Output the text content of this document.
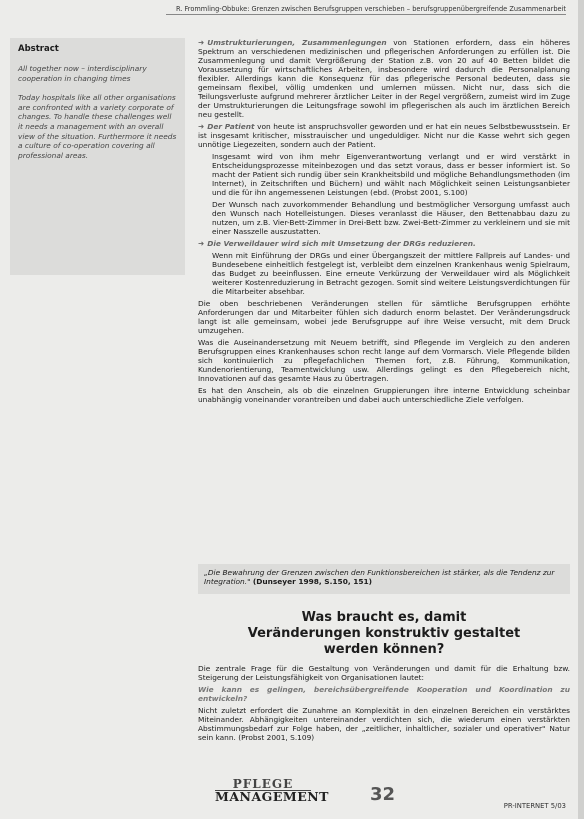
R. Frommling-Obbuke: Grenzen zwischen Berufsgruppen verschieben – berufsgruppenübergreifende Zusammenarbeit
Abstract

All together now – interdisciplinary cooperation in changing times

Today hospitals like all other organisations are confronted with a variety corporate of changes. To handle these challenges well it needs a management with an overall view of the situation. Furthermore it needs a culture of co-operation covering all professional areas.

➜ Umstrukturierungen, Zusammenlegungen von Stationen erfordern, dass ein höheres Spektrum an verschiedenen medizinischen und pflegerischen Anforderungen zu erfüllen ist. Die Zusammenlegung und damit Vergrößerung der Station z.B. von 20 auf 40 Betten bildet die Voraussetzung für wirtschaftliches Arbeiten, insbesondere wird dadurch die Personalplanung flexibler. Allerdings kann die Konsequenz für das pflegerische Personal bedeuten, dass sie gemeinsam flexibel, völlig umdenken und umlernen müssen. Nicht nur, dass sich die Teilungsverluste aufgrund mehrerer ärztlicher Leiter in der Regel vergrößern, zumeist wird im Zuge der Umstrukturierungen die Leitungsfrage sowohl im pflegerischen als auch im ärztlichen Bereich neu gestellt.

➜ Der Patient von heute ist anspruchsvoller geworden und er hat ein neues Selbstbewusstsein. Er ist insgesamt kritischer, misstrauischer und ungeduldiger. Nicht nur die Kasse wehrt sich gegen unnötige Liegezeiten, sondern auch der Patient.

Insgesamt wird von ihm mehr Eigenverantwortung verlangt und er wird verstärkt in Entscheidungsprozesse miteinbezogen und das setzt voraus, dass er besser informiert ist. So macht der Patient sich rundig über sein Krankheitsbild und mögliche Behandlungsmethoden (im Internet), in Zeitschriften und Büchern) und wählt nach Möglichkeit seinen Leistungsanbieter und die für ihn angemessenen Leistungen (ebd. (Probst 2001, S.100)

Der Wunsch nach zuvorkommender Behandlung und bestmöglicher Versorgung umfasst auch den Wunsch nach Hotelleistungen. Dieses veranlasst die Häuser, den Bettenabbau dazu zu nutzen, um z.B. Vier-Bett-Zimmer in Drei-Bett bzw. Zwei-Bett-Zimmer zu verkleinern und sie mit einer Nasszelle auszustatten.

➜ Die Verweildauer wird sich mit Umsetzung der DRGs reduzieren.

Wenn mit Einführung der DRGs und einer Übergangszeit der mittlere Fallpreis auf Landes- und Bundesebene einheitlich festgelegt ist, verbleibt dem einzelnen Krankenhaus wenig Spielraum, das Budget zu beeinflussen. Eine erneute Verkürzung der Verweildauer wird als Möglichkeit weiterer Kostenreduzierung in Betracht gezogen. Somit sind weitere Leistungsverdichtungen für die Mitarbeiter absehbar.

Die oben beschriebenen Veränderungen stellen für sämtliche Berufsgruppen erhöhte Anforderungen dar und Mitarbeiter fühlen sich dadurch enorm belastet. Der Veränderungsdruck langt ist alle gemeinsam, wobei jede Berufsgruppe auf ihre Weise versucht, mit dem Druck umzugehen.

Was die Auseinandersetzung mit Neuem betrifft, sind Pflegende im Vergleich zu den anderen Berufsgruppen eines Krankenhauses schon recht lange auf dem Vormarsch. Viele Pflegende bilden sich kontinuierlich zu pflegefachlichen Themen fort, z.B. Führung, Kommunikation, Kundenorientierung, Teamentwicklung usw. Allerdings gelingt es den Pflegebereich nicht, Innovationen auf das gesamte Haus zu übertragen.

Es hat den Anschein, als ob die einzelnen Gruppierungen ihre interne Entwicklung scheinbar unabhängig voneinander vorantreiben und dabei auch unterschiedliche Ziele verfolgen.

„Die Bewahrung der Grenzen zwischen den Funktionsbereichen ist stärker, als die Tendenz zur Integration." (Dunseyer 1998, S.150, 151)
Was braucht es, damit
Veränderungen konstruktiv gestaltet
werden können?

Die zentrale Frage für die Gestaltung von Veränderungen und damit für die Erhaltung bzw. Steigerung der Leistungsfähigkeit von Organisationen lautet:

Wie kann es gelingen, bereichsübergreifende Kooperation und Koordination zu entwickeln?

Nicht zuletzt erfordert die Zunahme an Komplexität in den einzelnen Bereichen ein verstärktes Miteinander. Abhängigkeiten untereinander verdichten sich, die wiederum einen verstärkten Abstimmungsbedarf zur Folge haben, der „zeitlicher, inhaltlicher, sozialer und operativer" Natur sein kann. (Probst 2001, S.109)

PFLEGE
MANAGEMENT 32
PR-INTERNET 5/03
